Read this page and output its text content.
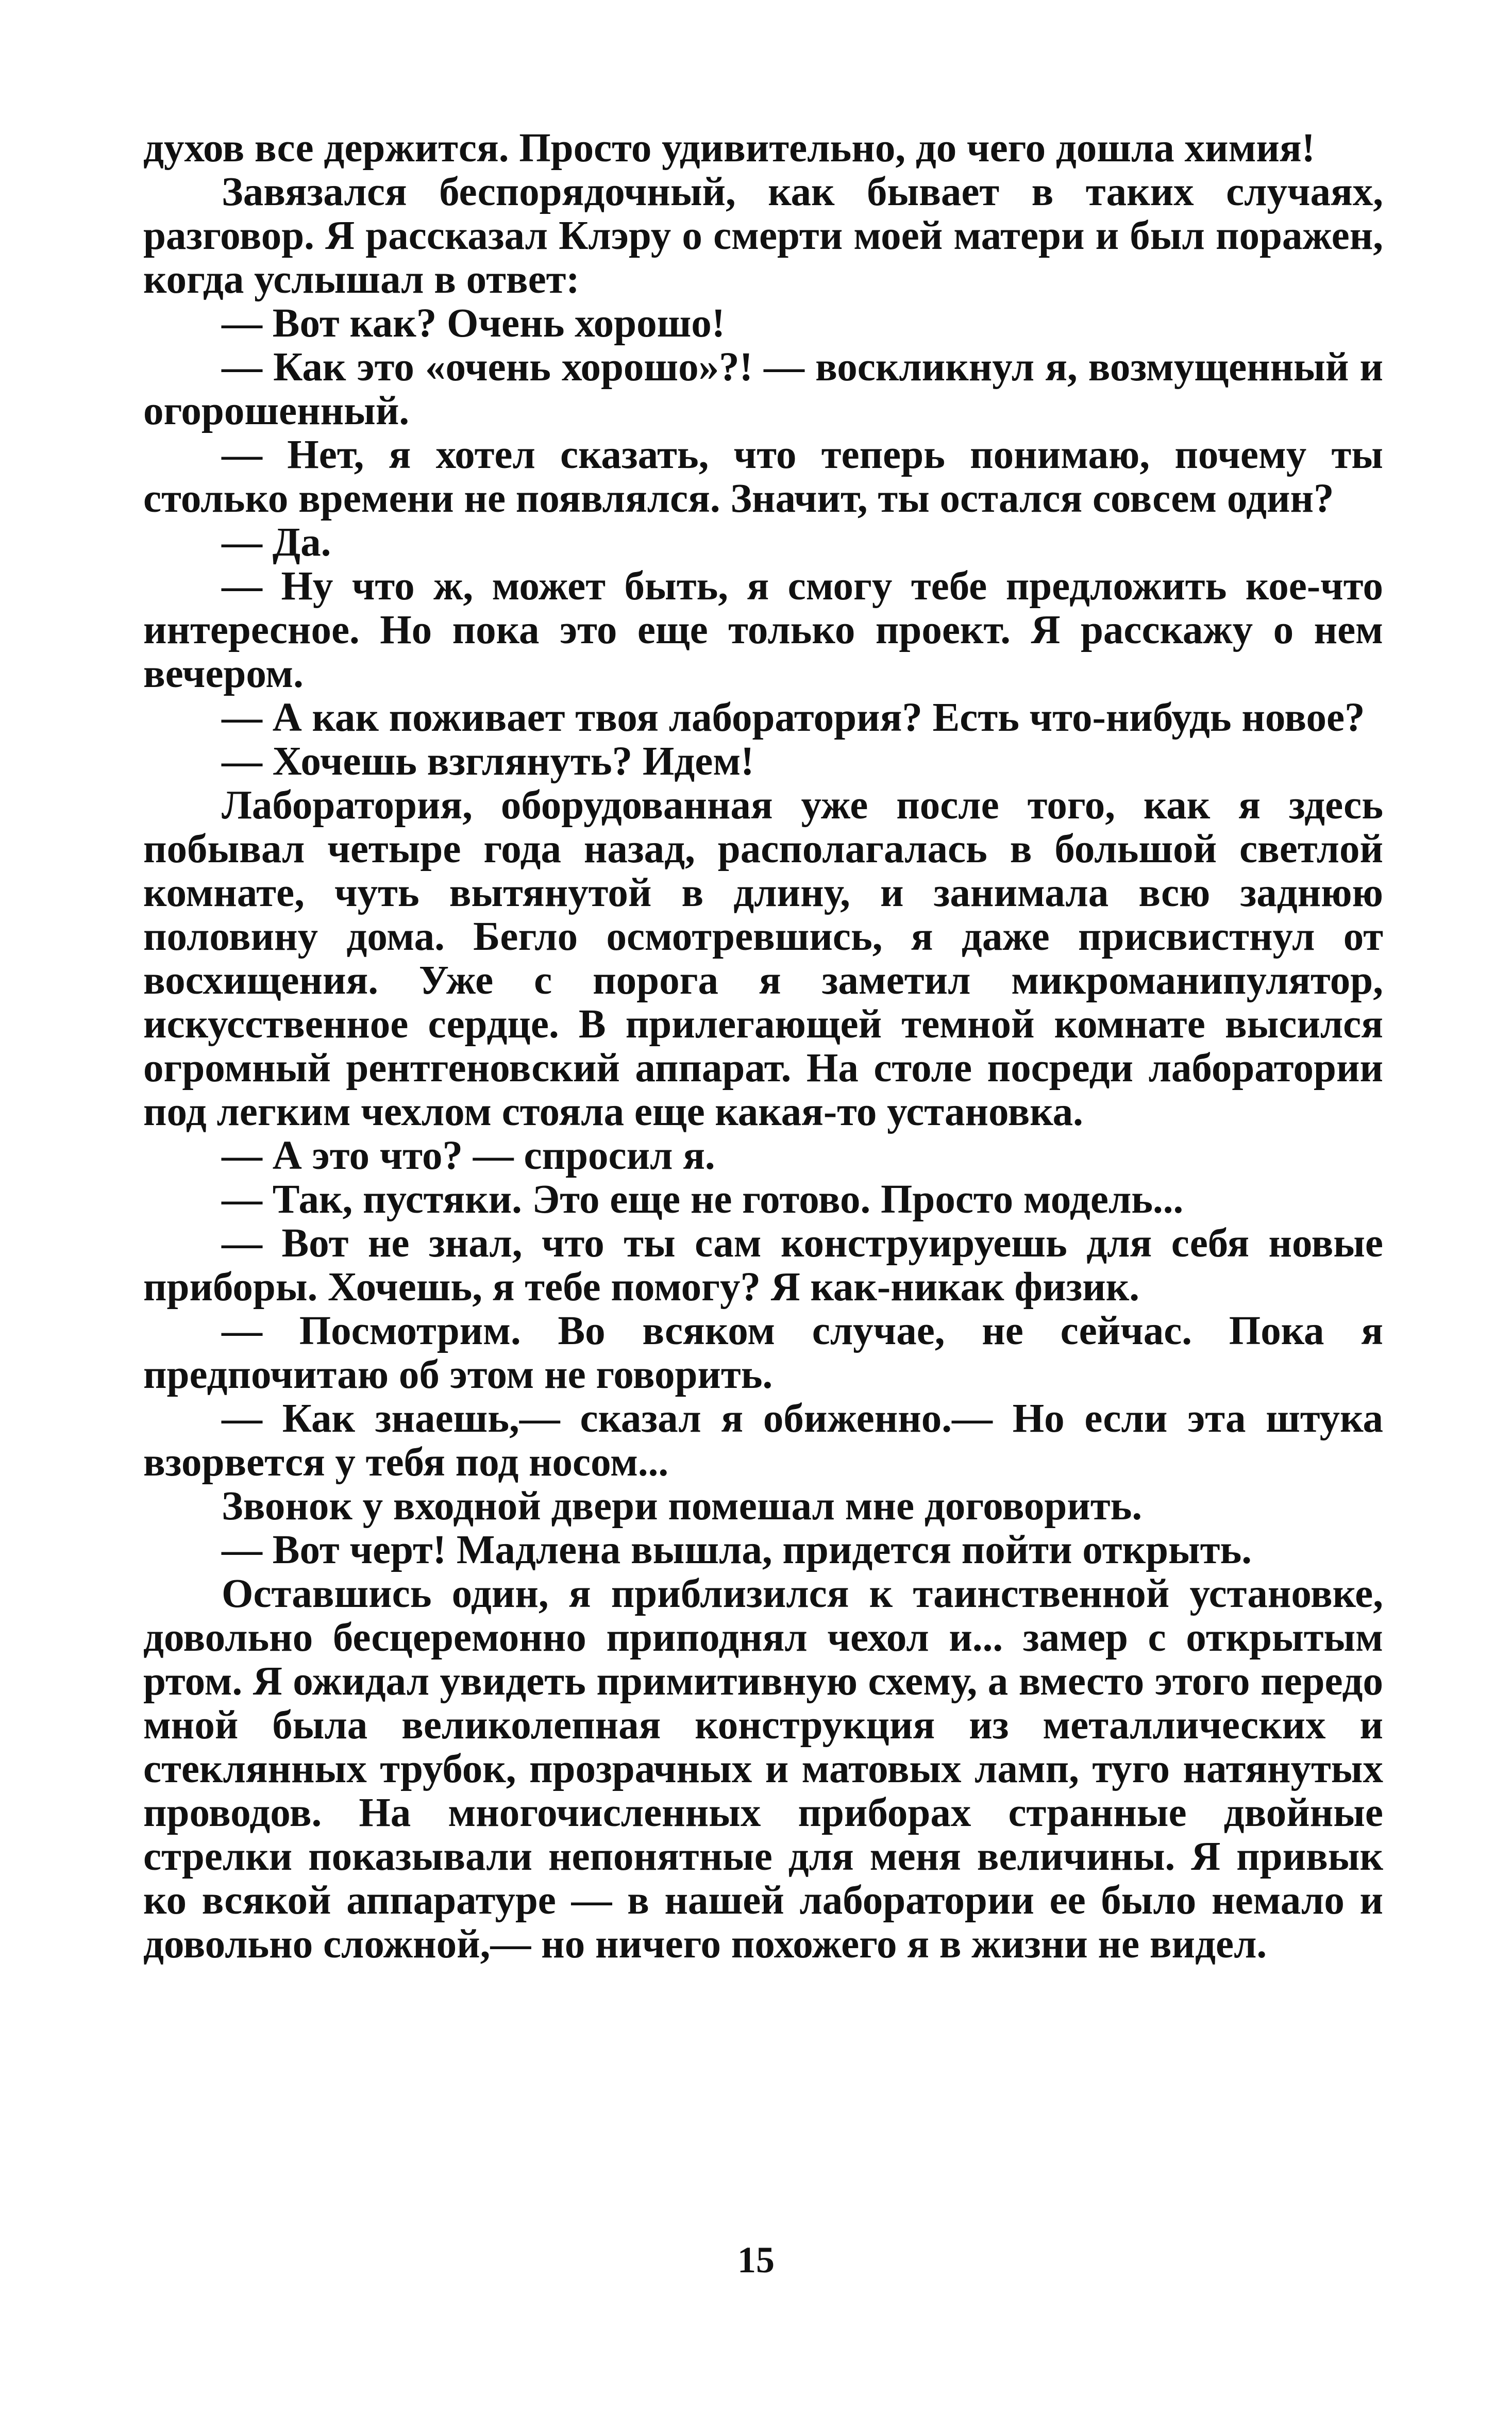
духов все держится. Просто удивительно, до чего дошла химия!

Завязался беспорядочный, как бывает в таких случаях, разговор. Я рассказал Клэру о смерти моей матери и был поражен, когда услышал в ответ:

— Вот как? Очень хорошо!

— Как это «очень хорошо»?! — воскликнул я, возмущенный и огорошенный.

— Нет, я хотел сказать, что теперь понимаю, почему ты столько времени не появлялся. Значит, ты остался совсем один?

— Да.

— Ну что ж, может быть, я смогу тебе предложить кое-что интересное. Но пока это еще только проект. Я расскажу о нем вечером.

— А как поживает твоя лаборатория? Есть что-нибудь новое?

— Хочешь взглянуть? Идем!

Лаборатория, оборудованная уже после того, как я здесь побывал четыре года назад, располагалась в большой светлой комнате, чуть вытянутой в длину, и занимала всю заднюю половину дома. Бегло осмотревшись, я даже присвистнул от восхищения. Уже с порога я заметил микроманипулятор, искусственное сердце. В прилегающей темной комнате высился огромный рентгеновский аппарат. На столе посреди лаборатории под легким чехлом стояла еще какая-то установка.

— А это что? — спросил я.

— Так, пустяки. Это еще не готово. Просто модель...

— Вот не знал, что ты сам конструируешь для себя новые приборы. Хочешь, я тебе помогу? Я как-никак физик.

— Посмотрим. Во всяком случае, не сейчас. Пока я предпочитаю об этом не говорить.

— Как знаешь,— сказал я обиженно.— Но если эта штука взорвется у тебя под носом...

Звонок у входной двери помешал мне договорить.

— Вот черт! Мадлена вышла, придется пойти открыть.

Оставшись один, я приблизился к таинственной установке, довольно бесцеремонно приподнял чехол и... замер с открытым ртом. Я ожидал увидеть примитивную схему, а вместо этого передо мной была великолепная конструкция из металлических и стеклянных трубок, прозрачных и матовых ламп, туго натянутых проводов. На многочисленных приборах странные двойные стрелки показывали непонятные для меня величины. Я привык ко всякой аппаратуре — в нашей лаборатории ее было немало и довольно сложной,— но ничего похожего я в жизни не видел.

15
